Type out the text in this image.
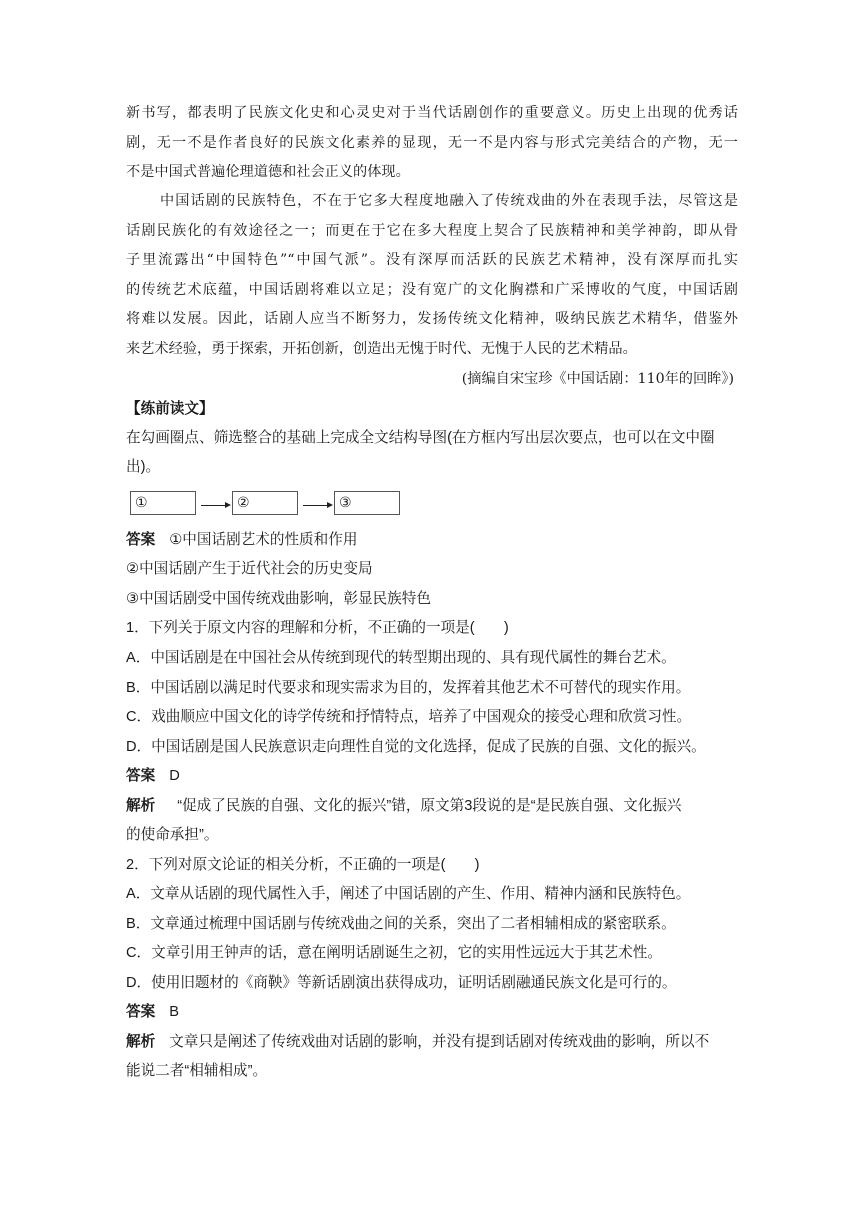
新书写，都表明了民族文化史和心灵史对于当代话剧创作的重要意义。历史上出现的优秀话
剧，无一不是作者良好的民族文化素养的显现，无一不是内容与形式完美结合的产物，无一
不是中国式普遍伦理道德和社会正义的体现。
中国话剧的民族特色，不在于它多大程度地融入了传统戏曲的外在表现手法，尽管这是
话剧民族化的有效途径之一；而更在于它在多大程度上契合了民族精神和美学神韵，即从骨
子里流露出“中国特色”“中国气派”。没有深厚而活跃的民族艺术精神，没有深厚而扎实
的传统艺术底蕴，中国话剧将难以立足；没有宽广的文化胸襟和广采博收的气度，中国话剧
将难以发展。因此，话剧人应当不断努力，发扬传统文化精神，吸纳民族艺术精华，借鉴外
来艺术经验，勇于探索，开拓创新，创造出无愧于时代、无愧于人民的艺术精品。
(摘编自宋宝珍《中国话剧：110年的回眸》)
【练前读文】
在勾画圈点、筛选整合的基础上完成全文结构导图(在方框内写出层次要点，也可以在文中圈
出)。
①	②	③
答案 ①中国话剧艺术的性质和作用
②中国话剧产生于近代社会的历史变局
③中国话剧受中国传统戏曲影响，彰显民族特色
1．下列关于原文内容的理解和分析，不正确的一项是(　　)
A．中国话剧是在中国社会从传统到现代的转型期出现的、具有现代属性的舞台艺术。
B．中国话剧以满足时代要求和现实需求为目的，发挥着其他艺术不可替代的现实作用。
C．戏曲顺应中国文化的诗学传统和抒情特点，培养了中国观众的接受心理和欣赏习性。
D．中国话剧是国人民族意识走向理性自觉的文化选择，促成了民族的自强、文化的振兴。
答案 D
解析 “促成了民族的自强、文化的振兴”错，原文第3段说的是“是民族自强、文化振兴
的使命承担”。
2．下列对原文论证的相关分析，不正确的一项是(　　)
A．文章从话剧的现代属性入手，阐述了中国话剧的产生、作用、精神内涵和民族特色。
B．文章通过梳理中国话剧与传统戏曲之间的关系，突出了二者相辅相成的紧密联系。
C．文章引用王钟声的话，意在阐明话剧诞生之初，它的实用性远远大于其艺术性。
D．使用旧题材的《商鞅》等新话剧演出获得成功，证明话剧融通民族文化是可行的。
答案 B
解析 文章只是阐述了传统戏曲对话剧的影响，并没有提到话剧对传统戏曲的影响，所以不
能说二者“相辅相成”。
